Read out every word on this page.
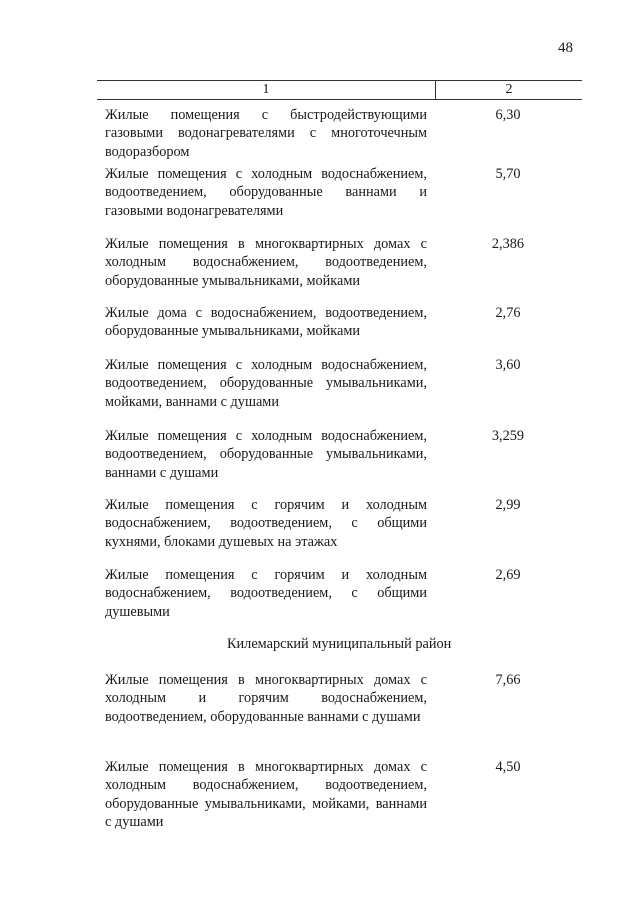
48
1	2
Жилые помещения с быстродействующими газовыми водонагревателями с многоточечным водоразбором
6,30
Жилые помещения с холодным водоснабжением, водоотведением, оборудованные ваннами и газовыми водонагревателями
5,70
Жилые помещения в многоквартирных домах с холодным водоснабжением, водоотведением, оборудованные умывальниками, мойками
2,386
Жилые дома с водоснабжением, водоотведением, оборудованные умывальниками, мойками
2,76
Жилые помещения с холодным водоснабжением, водоотведением, оборудованные умывальниками, мойками, ваннами с душами
3,60
Жилые помещения с холодным водоснабжением, водоотведением, оборудованные умывальниками, ваннами с душами
3,259
Жилые помещения с горячим и холодным водоснабжением, водоотведением, с общими кухнями, блоками душевых на этажах
2,99
Жилые помещения с горячим и холодным водоснабжением, водоотведением, с общими душевыми
2,69
Килемарский муниципальный район
Жилые помещения в многоквартирных домах с холодным и горячим водоснабжением, водоотведением, оборудованные ваннами с душами
7,66
Жилые помещения в многоквартирных домах с холодным водоснабжением, водоотведением, оборудованные умывальниками, мойками, ваннами с душами
4,50
